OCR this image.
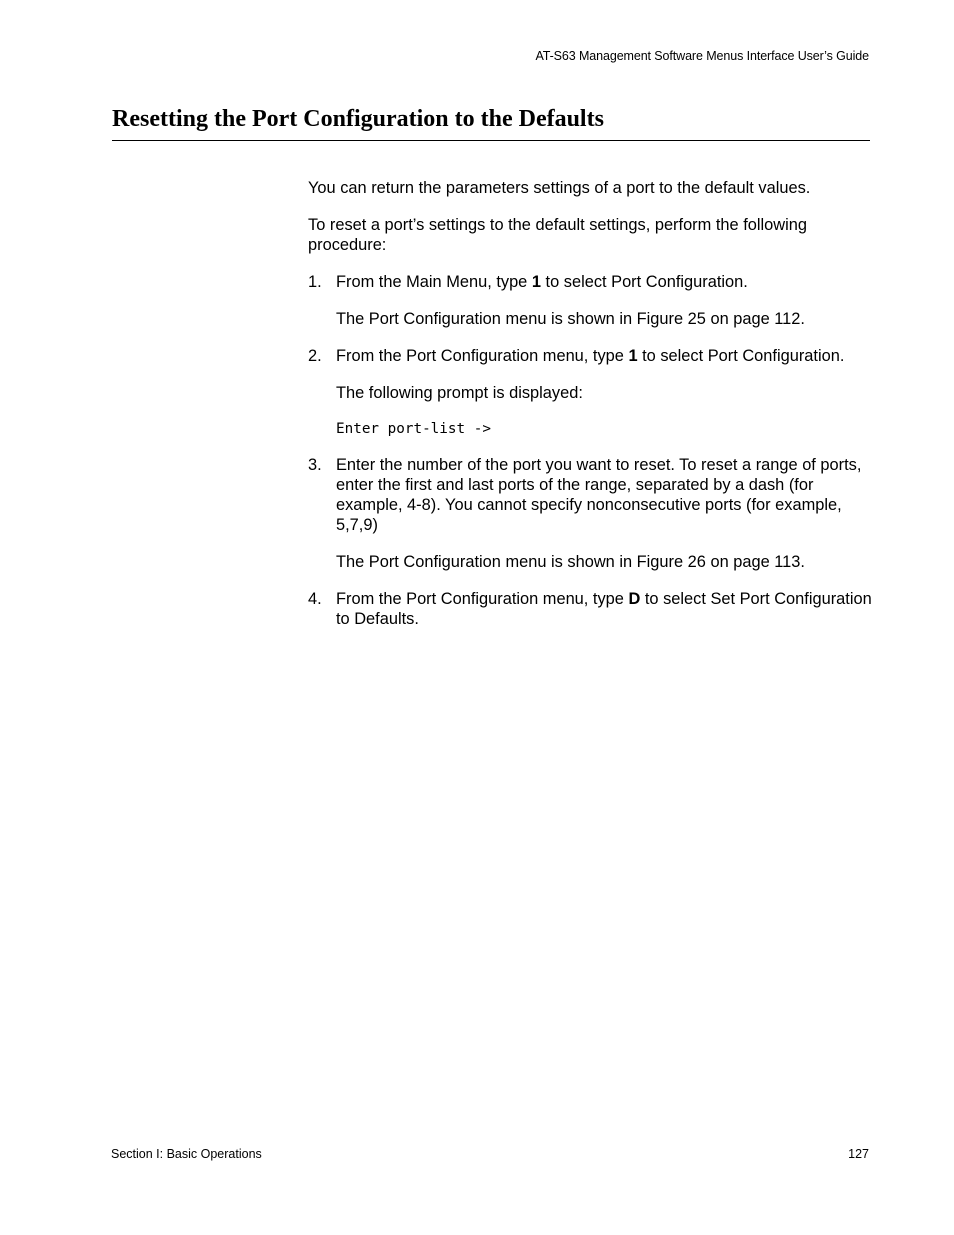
AT-S63 Management Software Menus Interface User’s Guide
Resetting the Port Configuration to the Defaults

You can return the parameters settings of a port to the default values.

To reset a port’s settings to the default settings, perform the following procedure:

1. From the Main Menu, type 1 to select Port Configuration.

The Port Configuration menu is shown in Figure 25 on page 112.

2. From the Port Configuration menu, type 1 to select Port Configuration.

The following prompt is displayed:

Enter port-list ->
3. Enter the number of the port you want to reset. To reset a range of ports, enter the first and last ports of the range, separated by a dash (for example, 4-8). You cannot specify nonconsecutive ports (for example, 5,7,9)

The Port Configuration menu is shown in Figure 26 on page 113.

4. From the Port Configuration menu, type D to select Set Port Configuration to Defaults.
Section I: Basic Operations	127
